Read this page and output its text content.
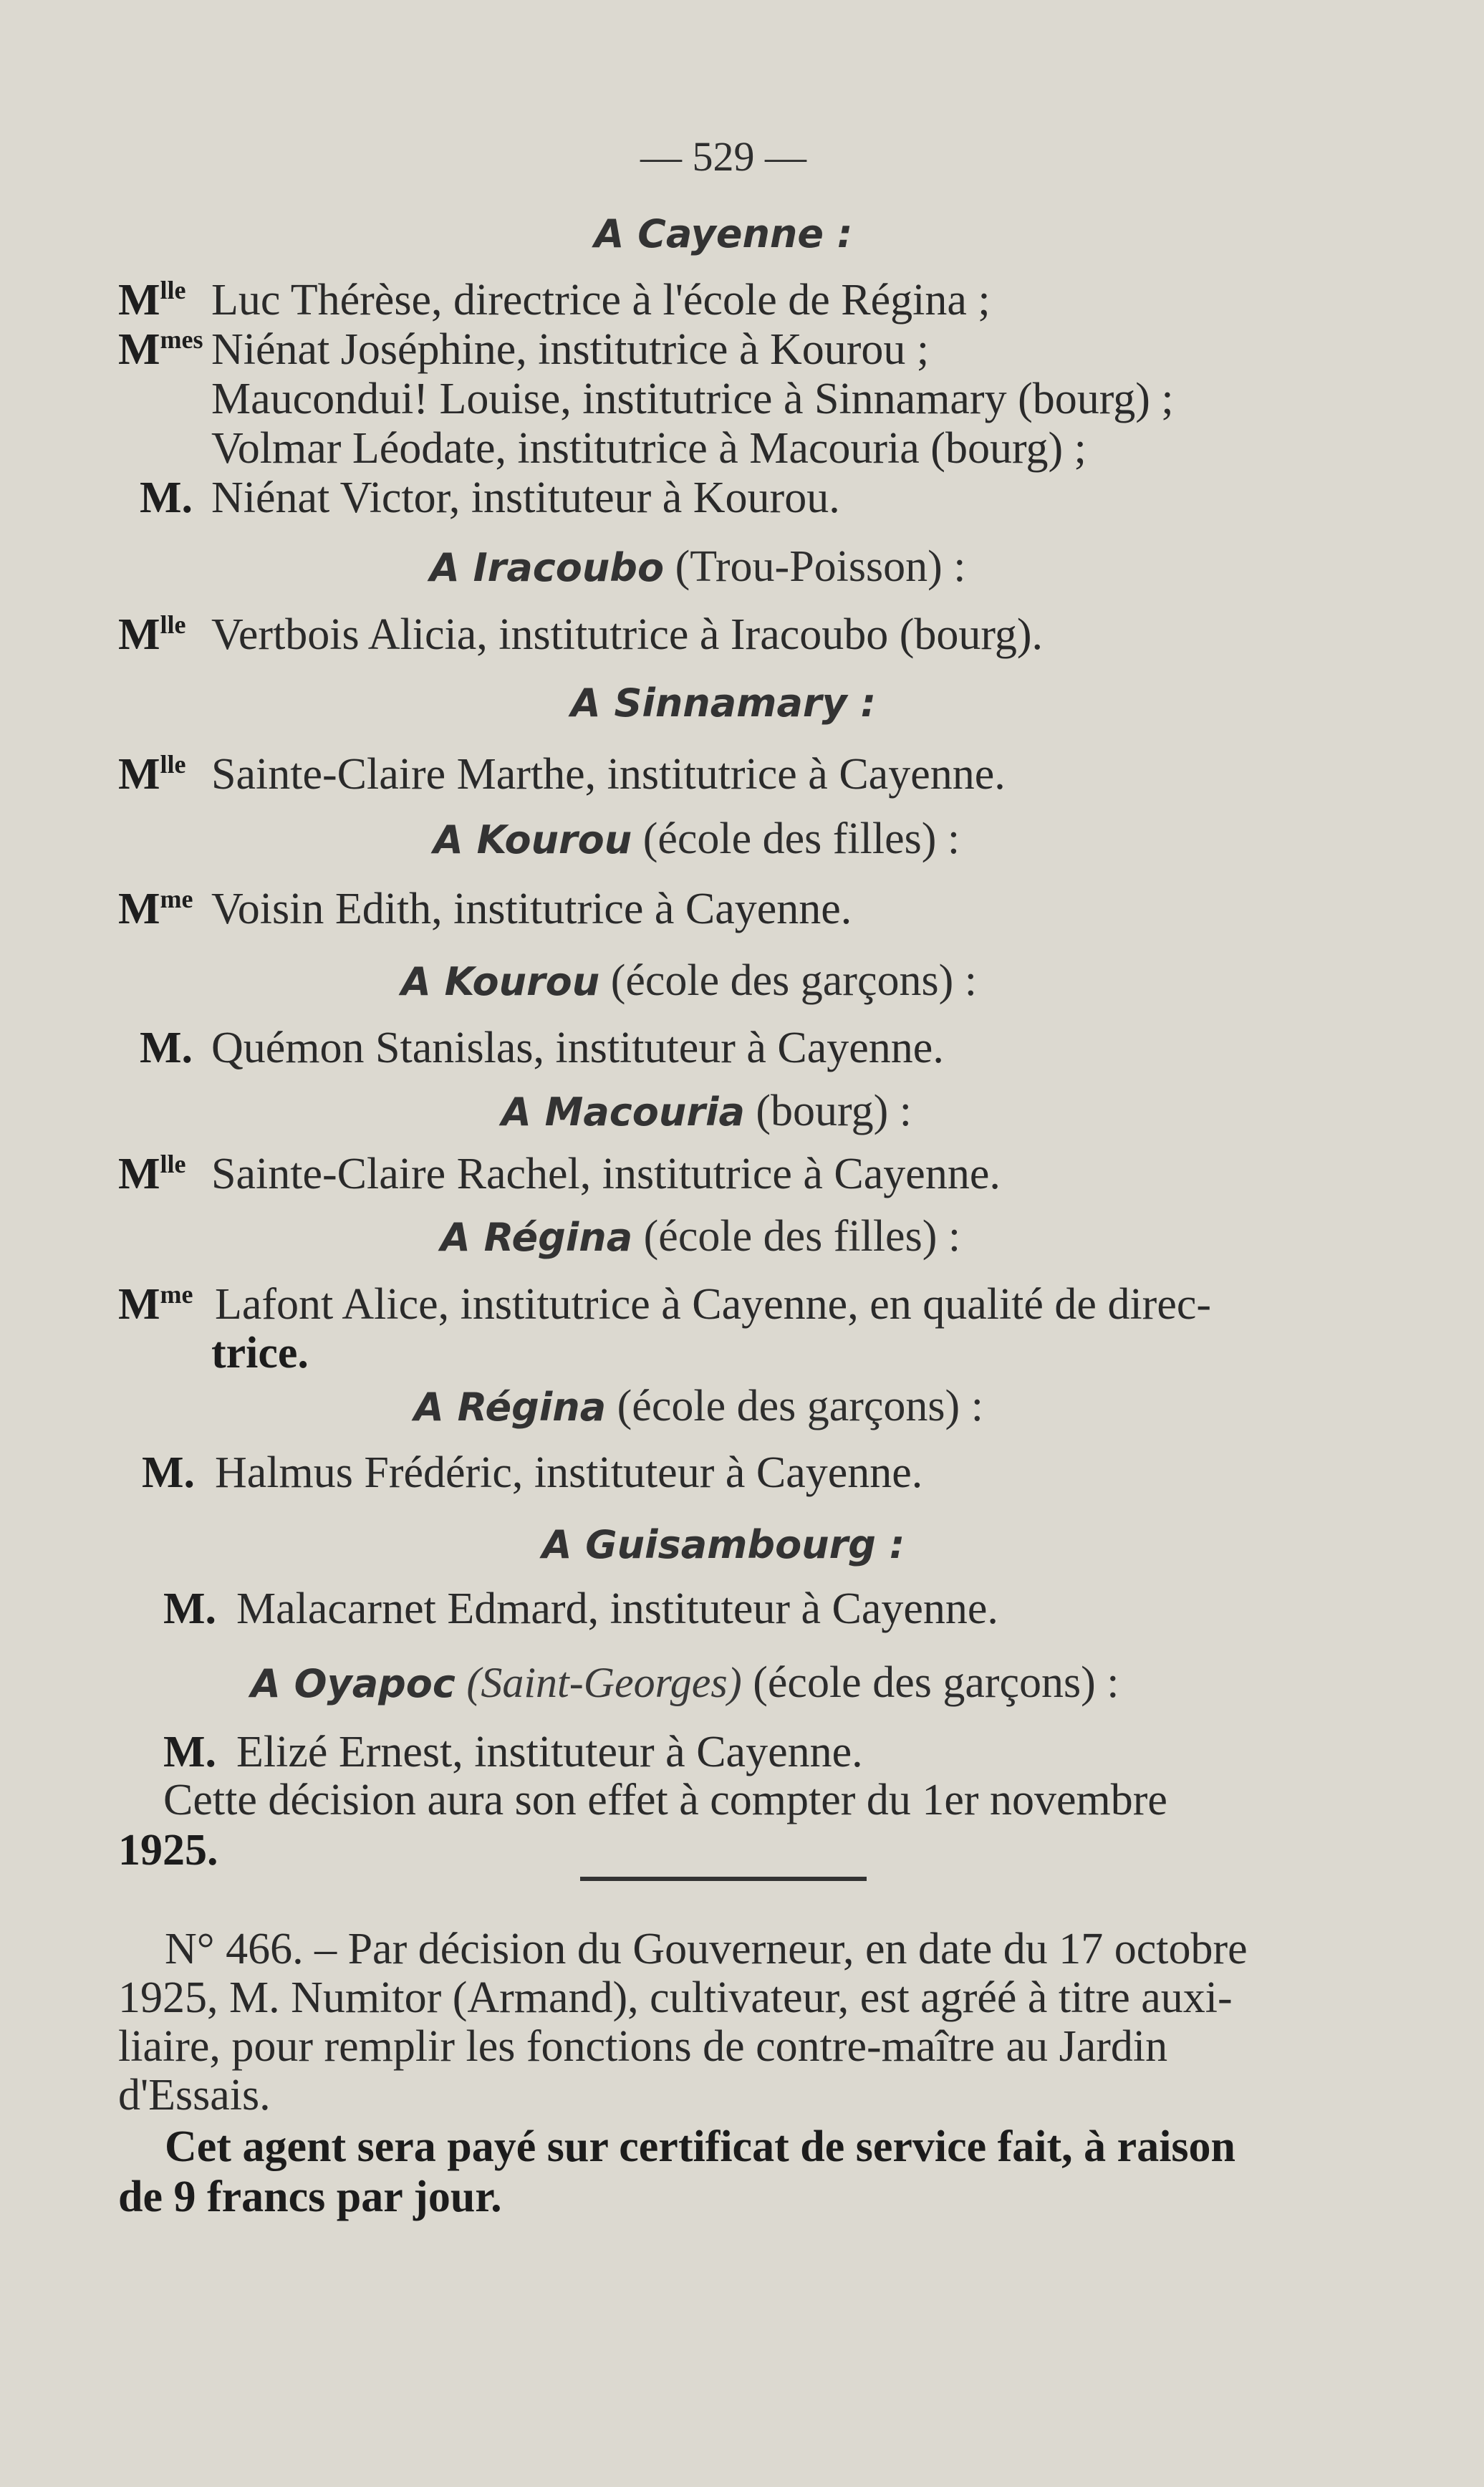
— 529 —
A Cayenne :
$M^{lle}$ Luc Thérèse, directrice à l'école de Régina ;
$M^{mes}$ Niénat Joséphine, institutrice à Kourou ;
Maucondui! Louise, institutrice à Sinnamary (bourg) ;
Volmar Léodate, institutrice à Macouria (bourg) ;
M. Niénat Victor, instituteur à Kourou.
A Iracoubo (Trou-Poisson) :
$M^{lle}$ Vertbois Alicia, institutrice à Iracoubo (bourg).
A Sinnamary :
$M^{lle}$ Sainte-Claire Marthe, institutrice à Cayenne.
A Kourou (école des filles) :
$M^{me}$ Voisin Edith, institutrice à Cayenne.
A Kourou (école des garçons) :
M. Quémon Stanislas, instituteur à Cayenne.
A Macouria (bourg) :
$M^{lle}$ Sainte-Claire Rachel, institutrice à Cayenne.
A Régina (école des filles) :
$M^{me}$ Lafont Alice, institutrice à Cayenne, en qualité de direc-
trice.
A Régina (école des garçons) :
M. Halmus Frédéric, instituteur à Cayenne.
A Guisambourg :
M. Malacarnet Edmard, instituteur à Cayenne.
A Oyapoc (Saint-Georges) (école des garçons) :
M. Elizé Ernest, instituteur à Cayenne.
Cette décision aura son effet à compter du 1er novembre
1925.
N° 466. – Par décision du Gouverneur, en date du 17 octobre
1925, M. Numitor (Armand), cultivateur, est agréé à titre auxi-
liaire, pour remplir les fonctions de contre-maître au Jardin
d'Essais.
Cet agent sera payé sur certificat de service fait, à raison
de 9 francs par jour.
